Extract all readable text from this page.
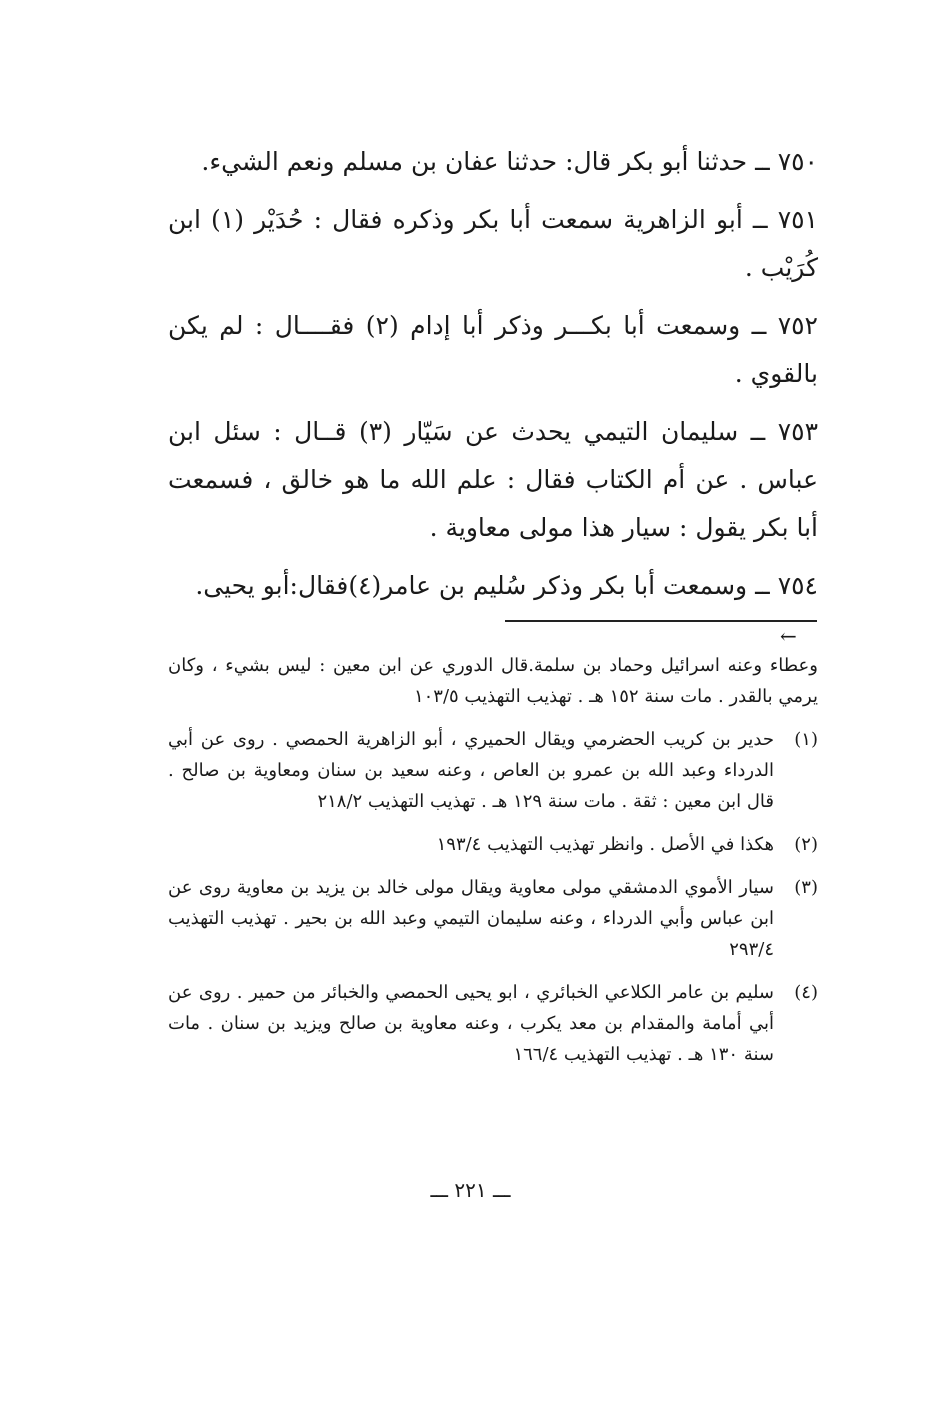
٧٥٠ ــ حدثنا أبو بكر قال: حدثنا عفان بن مسلم ونعم الشيء.

٧٥١ ــ أبو الزاهرية سمعت أبا بكر وذكره فقال : حُدَيْر (١) ابن كُرَيْب .

٧٥٢ ــ وسمعت أبا بكـــر وذكر أبا إدام (٢) فقــــال : لم يكن بالقوي .

٧٥٣ ــ سليمان التيمي يحدث عن سَيّار (٣) قــال : سئل ابن عباس . عن أم الكتاب فقال : علم الله ما هو خالق ، فسمعت أبا بكر يقول : سيار هذا مولى معاوية .

٧٥٤ ــ وسمعت أبا بكر وذكر سُليم بن عامر(٤)فقال:أبو يحيى.

←

وعطاء وعنه اسرائيل وحماد بن سلمة.قال الدوري عن ابن معين : ليس بشيء ، وكان يرمي بالقدر . مات سنة ١٥٢ هـ . تهذيب التهذيب ١٠٣/٥

(١)
حدير بن كريب الحضرمي ويقال الحميري ، أبو الزاهرية الحمصي . روى عن أبي الدرداء وعبد الله بن عمرو بن العاص ، وعنه سعيد بن سنان ومعاوية بن صالح . قال ابن معين : ثقة . مات سنة ١٢٩ هـ . تهذيب التهذيب ٢١٨/٢
(٢)
هكذا في الأصل . وانظر تهذيب التهذيب ١٩٣/٤
(٣)
سيار الأموي الدمشقي مولى معاوية ويقال مولى خالد بن يزيد بن معاوية روى عن ابن عباس وأبي الدرداء ، وعنه سليمان التيمي وعبد الله بن بحير . تهذيب التهذيب ٢٩٣/٤
(٤)
سليم بن عامر الكلاعي الخبائري ، ابو يحيى الحمصي والخبائر من حمير . روى عن أبي أمامة والمقدام بن معد يكرب ، وعنه معاوية بن صالح ويزيد بن سنان . مات سنة ١٣٠ هـ . تهذيب التهذيب ١٦٦/٤
ـــ ٢٢١ ـــ
